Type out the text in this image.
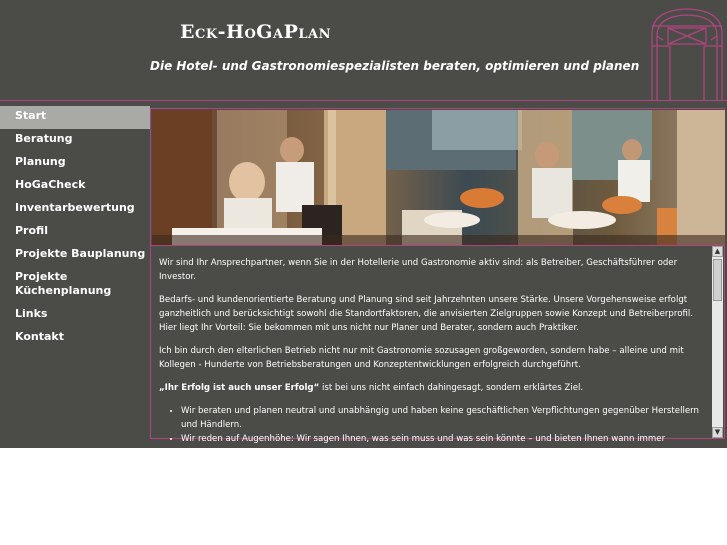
Eck-HoGaPlan

Die Hotel- und Gastronomiespezialisten beraten, optimieren und planen

Start
Beratung
Planung
HoGaCheck
Inventarbewertung
Profil
Projekte Bauplanung
Projekte Küchenplanung
Links
Kontakt

Wir sind Ihr Ansprechpartner, wenn Sie in der Hotellerie und Gastronomie aktiv sind: als Betreiber, Geschäftsführer oder Investor.

Bedarfs- und kundenorientierte Beratung und Planung sind seit Jahrzehnten unsere Stärke. Unsere Vorgehensweise erfolgt ganzheitlich und berücksichtigt sowohl die Standortfaktoren, die anvisierten Zielgruppen sowie Konzept und Betreiberprofil. Hier liegt Ihr Vorteil: Sie bekommen mit uns nicht nur Planer und Berater, sondern auch Praktiker.

Ich bin durch den elterlichen Betrieb nicht nur mit Gastronomie sozusagen großgeworden, sondern habe – alleine und mit Kollegen - Hunderte von Betriebsberatungen und Konzeptentwicklungen erfolgreich durchgeführt.

„Ihr Erfolg ist auch unser Erfolg“ ist bei uns nicht einfach dahingesagt, sondern erklärtes Ziel.

• Wir beraten und planen neutral und unabhängig und haben keine geschäftlichen Verpflichtungen gegenüber Herstellern und Händlern.
• Wir reden auf Augenhöhe: Wir sagen Ihnen, was sein muss und was sein könnte – und bieten Ihnen wann immer
▲
▼
